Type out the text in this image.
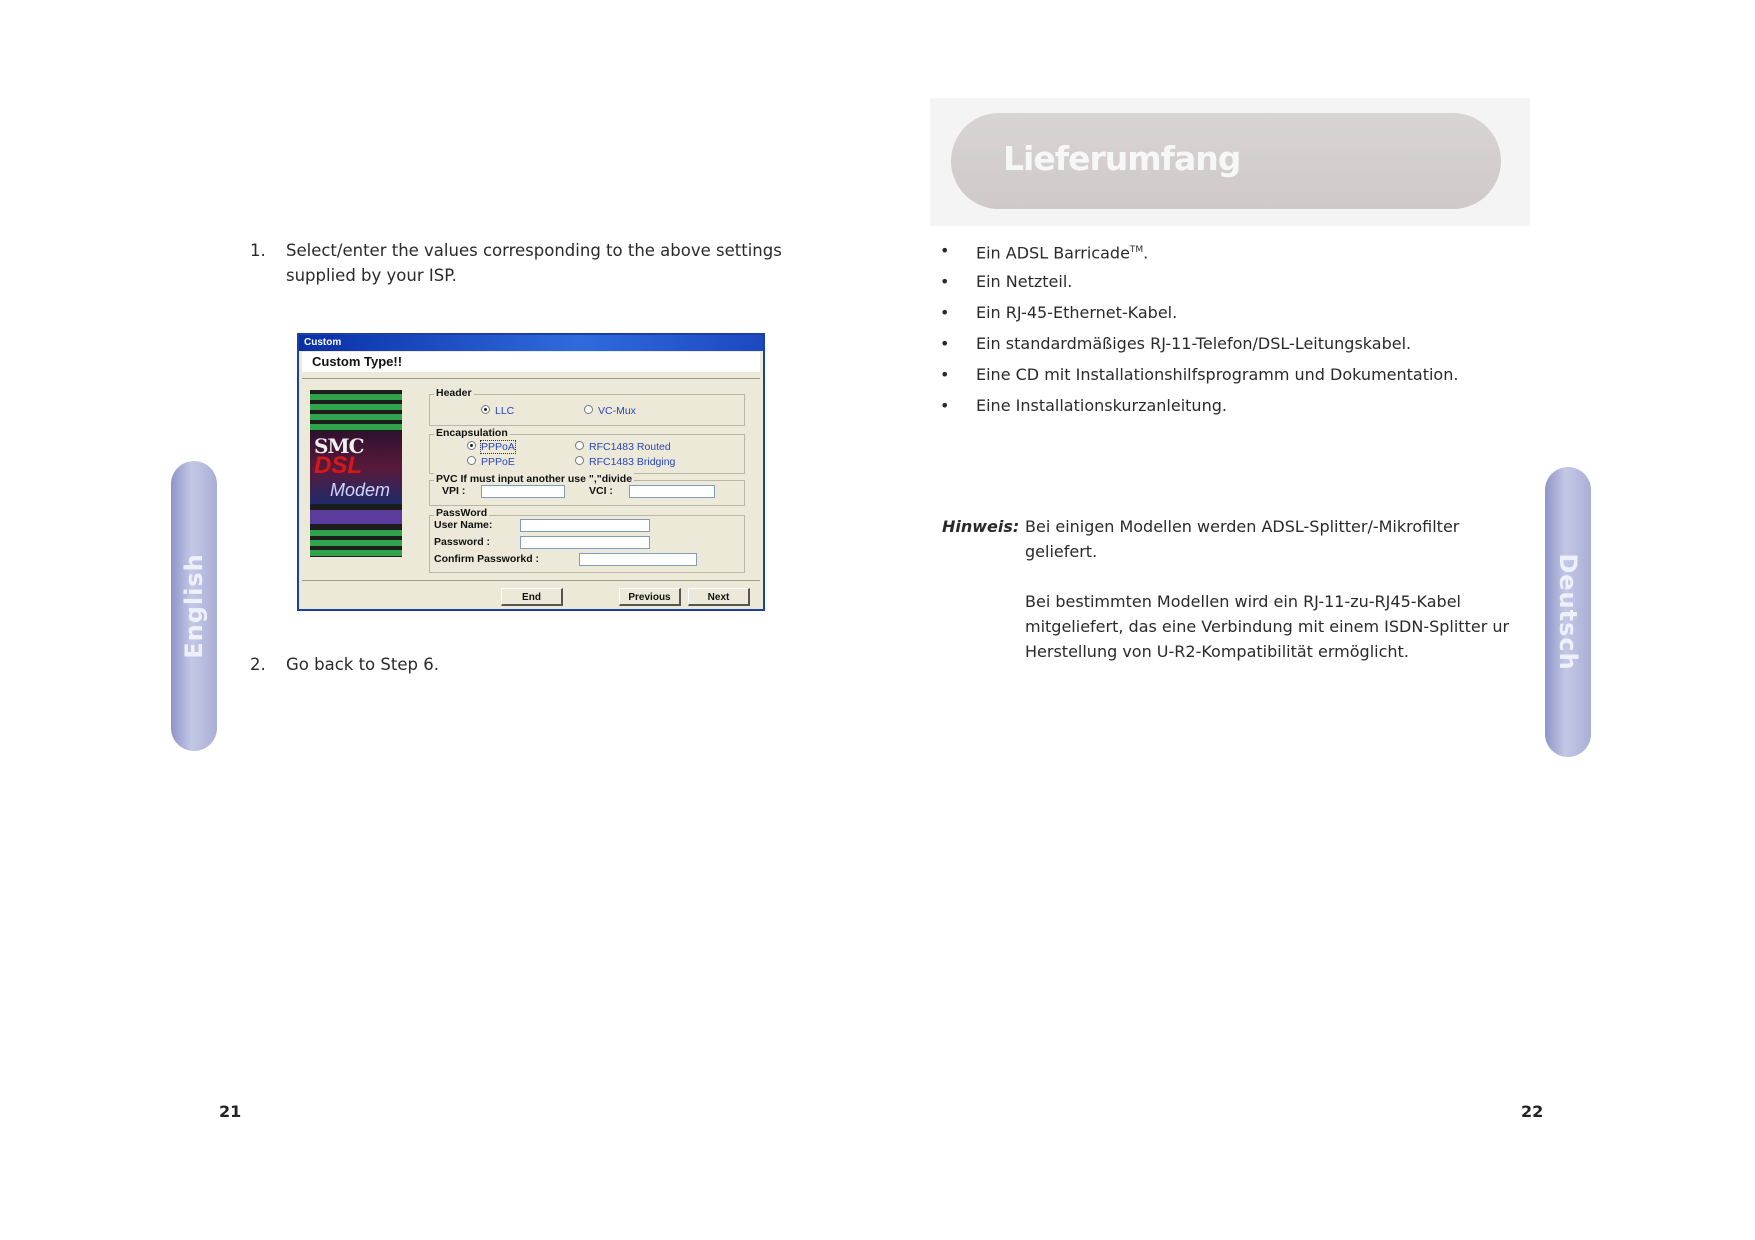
English
1. Select/enter the values corresponding to the above settings supplied by your ISP.
Custom
Custom Type!!
SMC
DSL
Modem
Header
LLC	VC-Mux
Encapsulation
PPPoA	RFC1483 Routed
PPPoE	RFC1483 Bridging
PVC If must input another use ","divide
VPI :	VCI :
PassWord
User Name:
Password :
Confirm Passworkd :
End	Previous	Next
2. Go back to Step 6.
21
Lieferumfang
• Ein ADSL Barricade™.
• Ein Netzteil.
• Ein RJ-45-Ethernet-Kabel.
• Ein standardmäßiges RJ-11-Telefon/DSL-Leitungskabel.
• Eine CD mit Installationshilfsprogramm und Dokumentation.
• Eine Installationskurzanleitung.
Hinweis: Bei einigen Modellen werden ADSL-Splitter/-Mikrofilter geliefert.

Bei bestimmten Modellen wird ein RJ-11-zu-RJ45-Kabel mitgeliefert, das eine Verbindung mit einem ISDN-Splitter ur Herstellung von U-R2-Kompatibilität ermöglicht.	Deutsch
22
